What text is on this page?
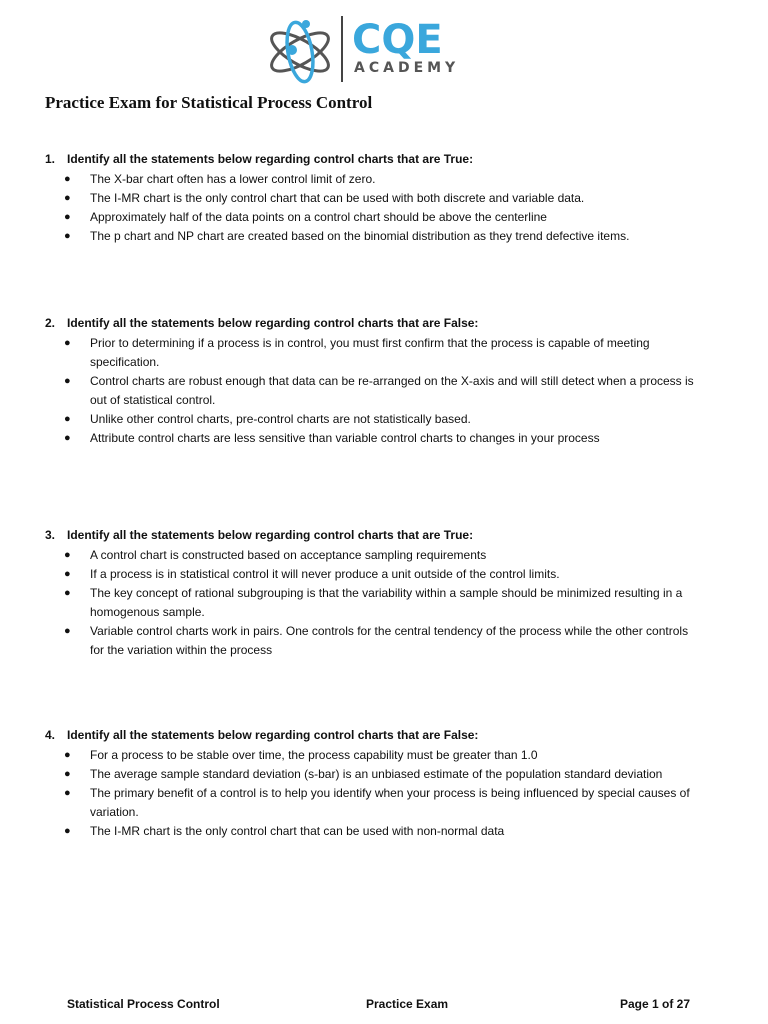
CQE
ACADEMY
Practice Exam for Statistical Process Control
1. Identify all the statements below regarding control charts that are True:
●	The X-bar chart often has a lower control limit of zero.
●	The I-MR chart is the only control chart that can be used with both discrete and variable data.
●	Approximately half of the data points on a control chart should be above the centerline
●	The p chart and NP chart are created based on the binomial distribution as they trend defective items.
2. Identify all the statements below regarding control charts that are False:
●	Prior to determining if a process is in control, you must first confirm that the process is capable of meeting specification.
●	Control charts are robust enough that data can be re-arranged on the X-axis and will still detect when a process is out of statistical control.
●	Unlike other control charts, pre-control charts are not statistically based.
●	Attribute control charts are less sensitive than variable control charts to changes in your process
3. Identify all the statements below regarding control charts that are True:
●	A control chart is constructed based on acceptance sampling requirements
●	If a process is in statistical control it will never produce a unit outside of the control limits.
●	The key concept of rational subgrouping is that the variability within a sample should be minimized resulting in a homogenous sample.
●	Variable control charts work in pairs. One controls for the central tendency of the process while the other controls for the variation within the process
4. Identify all the statements below regarding control charts that are False:
●	For a process to be stable over time, the process capability must be greater than 1.0
●	The average sample standard deviation (s-bar) is an unbiased estimate of the population standard deviation
●	The primary benefit of a control is to help you identify when your process is being influenced by special causes of variation.
●	The I-MR chart is the only control chart that can be used with non-normal data
Statistical Process Control	Practice Exam	Page 1 of 27
